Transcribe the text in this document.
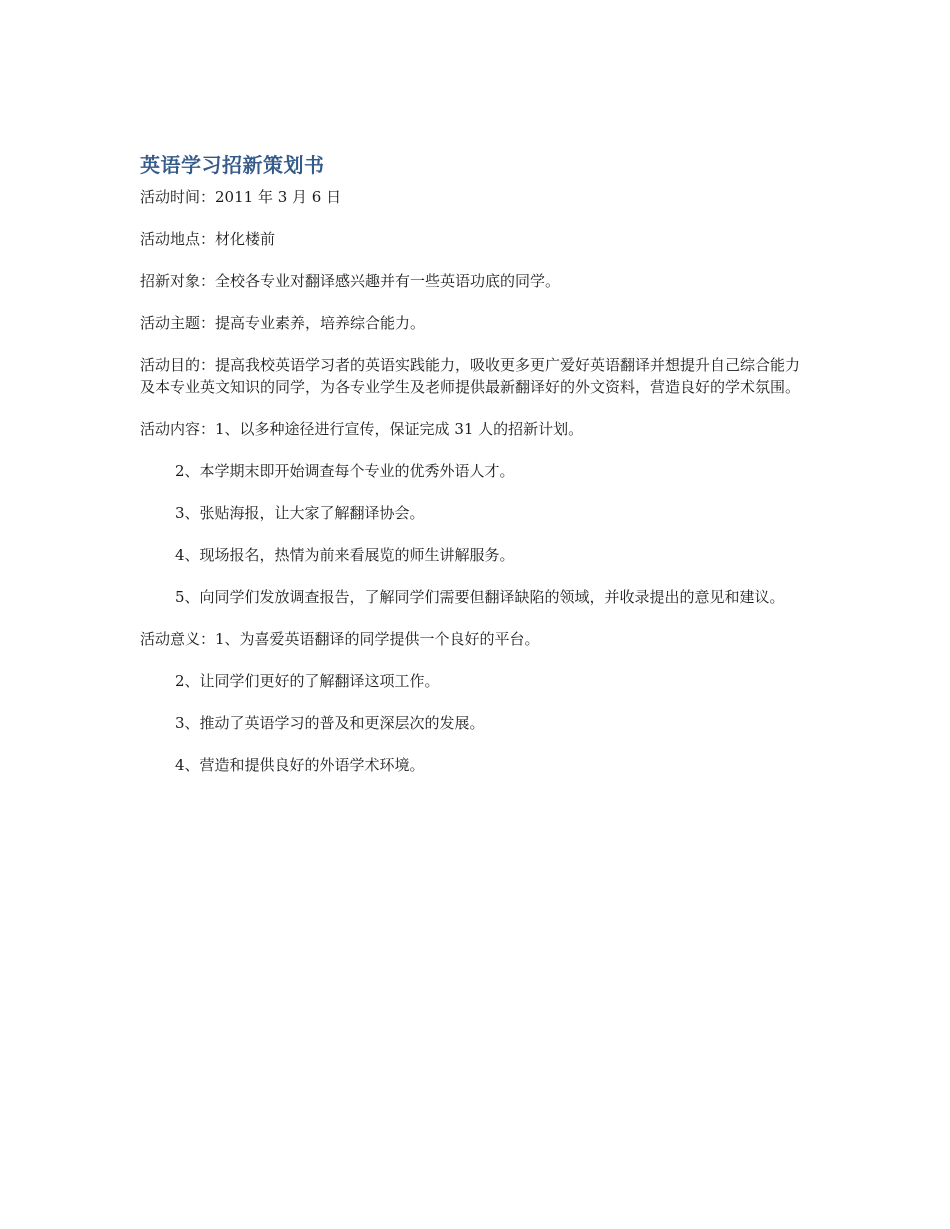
英语学习招新策划书

活动时间：2011 年 3 月 6 日

活动地点：材化楼前

招新对象：全校各专业对翻译感兴趣并有一些英语功底的同学。

活动主题：提高专业素养，培养综合能力。

活动目的：提高我校英语学习者的英语实践能力，吸收更多更广爱好英语翻译并想提升自己综合能力及本专业英文知识的同学，为各专业学生及老师提供最新翻译好的外文资料，营造良好的学术氛围。

活动内容：1、以多种途径进行宣传，保证完成 31 人的招新计划。

2、本学期末即开始调查每个专业的优秀外语人才。

3、张贴海报，让大家了解翻译协会。

4、现场报名，热情为前来看展览的师生讲解服务。

5、向同学们发放调查报告，了解同学们需要但翻译缺陷的领域，并收录提出的意见和建议。

活动意义：1、为喜爱英语翻译的同学提供一个良好的平台。

2、让同学们更好的了解翻译这项工作。

3、推动了英语学习的普及和更深层次的发展。

4、营造和提供良好的外语学术环境。
